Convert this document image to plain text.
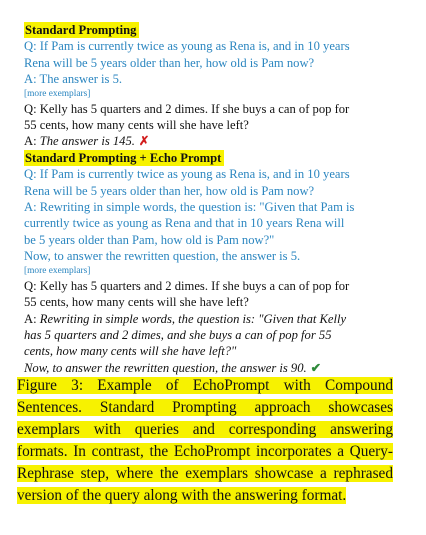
Standard Prompting
Q: If Pam is currently twice as young as Rena is, and in 10 years
Rena will be 5 years older than her, how old is Pam now?
A: The answer is 5.
[more exemplars]
Q: Kelly has 5 quarters and 2 dimes. If she buys a can of pop for
55 cents, how many cents will she have left?
A: The answer is 145. ✗
Standard Prompting + Echo Prompt
Q: If Pam is currently twice as young as Rena is, and in 10 years
Rena will be 5 years older than her, how old is Pam now?
A: Rewriting in simple words, the question is: "Given that Pam is
currently twice as young as Rena and that in 10 years Rena will
be 5 years older than Pam, how old is Pam now?"
Now, to answer the rewritten question, the answer is 5.
[more exemplars]
Q: Kelly has 5 quarters and 2 dimes. If she buys a can of pop for
55 cents, how many cents will she have left?
A: Rewriting in simple words, the question is: "Given that Kelly
has 5 quarters and 2 dimes, and she buys a can of pop for 55
cents, how many cents will she have left?"
Now, to answer the rewritten question, the answer is 90. ✔
Figure 3: Example of EchoPrompt with Compound Sentences. Standard Prompting approach showcases exemplars with queries and corresponding answering formats. In contrast, the EchoPrompt incorporates a Query-Rephrase step, where the exemplars showcase a rephrased version of the query along with the answering format.
